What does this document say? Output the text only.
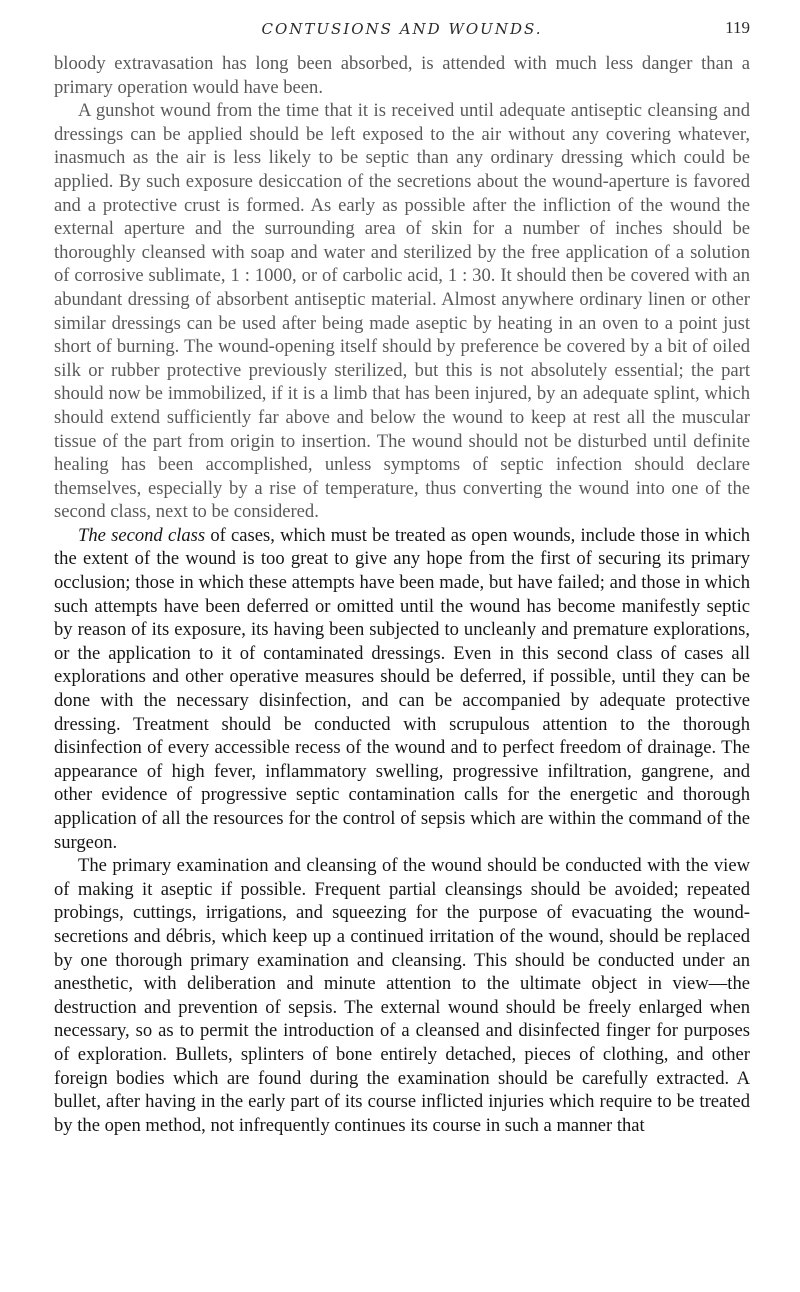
CONTUSIONS AND WOUNDS.	119

bloody extravasation has long been absorbed, is attended with much less danger than a primary operation would have been.

A gunshot wound from the time that it is received until adequate antiseptic cleansing and dressings can be applied should be left exposed to the air without any covering whatever, inasmuch as the air is less likely to be septic than any ordinary dressing which could be applied. By such exposure desiccation of the secretions about the wound-aperture is favored and a protective crust is formed. As early as possible after the infliction of the wound the external aperture and the surrounding area of skin for a number of inches should be thoroughly cleansed with soap and water and sterilized by the free application of a solution of corrosive sublimate, 1 : 1000, or of carbolic acid, 1 : 30. It should then be covered with an abundant dressing of absorbent antiseptic material. Almost anywhere ordinary linen or other similar dressings can be used after being made aseptic by heating in an oven to a point just short of burning. The wound-opening itself should by preference be covered by a bit of oiled silk or rubber protective previously sterilized, but this is not absolutely essential; the part should now be immobilized, if it is a limb that has been injured, by an adequate splint, which should extend sufficiently far above and below the wound to keep at rest all the muscular tissue of the part from origin to insertion. The wound should not be disturbed until definite healing has been accomplished, unless symptoms of septic infection should declare themselves, especially by a rise of temperature, thus converting the wound into one of the second class, next to be considered.

The second class of cases, which must be treated as open wounds, include those in which the extent of the wound is too great to give any hope from the first of securing its primary occlusion; those in which these attempts have been made, but have failed; and those in which such attempts have been deferred or omitted until the wound has become manifestly septic by reason of its exposure, its having been subjected to uncleanly and premature explorations, or the application to it of contaminated dressings. Even in this second class of cases all explorations and other operative measures should be deferred, if possible, until they can be done with the necessary disinfection, and can be accompanied by adequate protective dressing. Treatment should be conducted with scrupulous attention to the thorough disinfection of every accessible recess of the wound and to perfect freedom of drainage. The appearance of high fever, inflammatory swelling, progressive infiltration, gangrene, and other evidence of progressive septic contamination calls for the energetic and thorough application of all the resources for the control of sepsis which are within the command of the surgeon.

The primary examination and cleansing of the wound should be conducted with the view of making it aseptic if possible. Frequent partial cleansings should be avoided; repeated probings, cuttings, irrigations, and squeezing for the purpose of evacuating the wound-secretions and débris, which keep up a continued irritation of the wound, should be replaced by one thorough primary examination and cleansing. This should be conducted under an anesthetic, with deliberation and minute attention to the ultimate object in view—the destruction and prevention of sepsis. The external wound should be freely enlarged when necessary, so as to permit the introduction of a cleansed and disinfected finger for purposes of exploration. Bullets, splinters of bone entirely detached, pieces of clothing, and other foreign bodies which are found during the examination should be carefully extracted. A bullet, after having in the early part of its course inflicted injuries which require to be treated by the open method, not infrequently continues its course in such a manner that
